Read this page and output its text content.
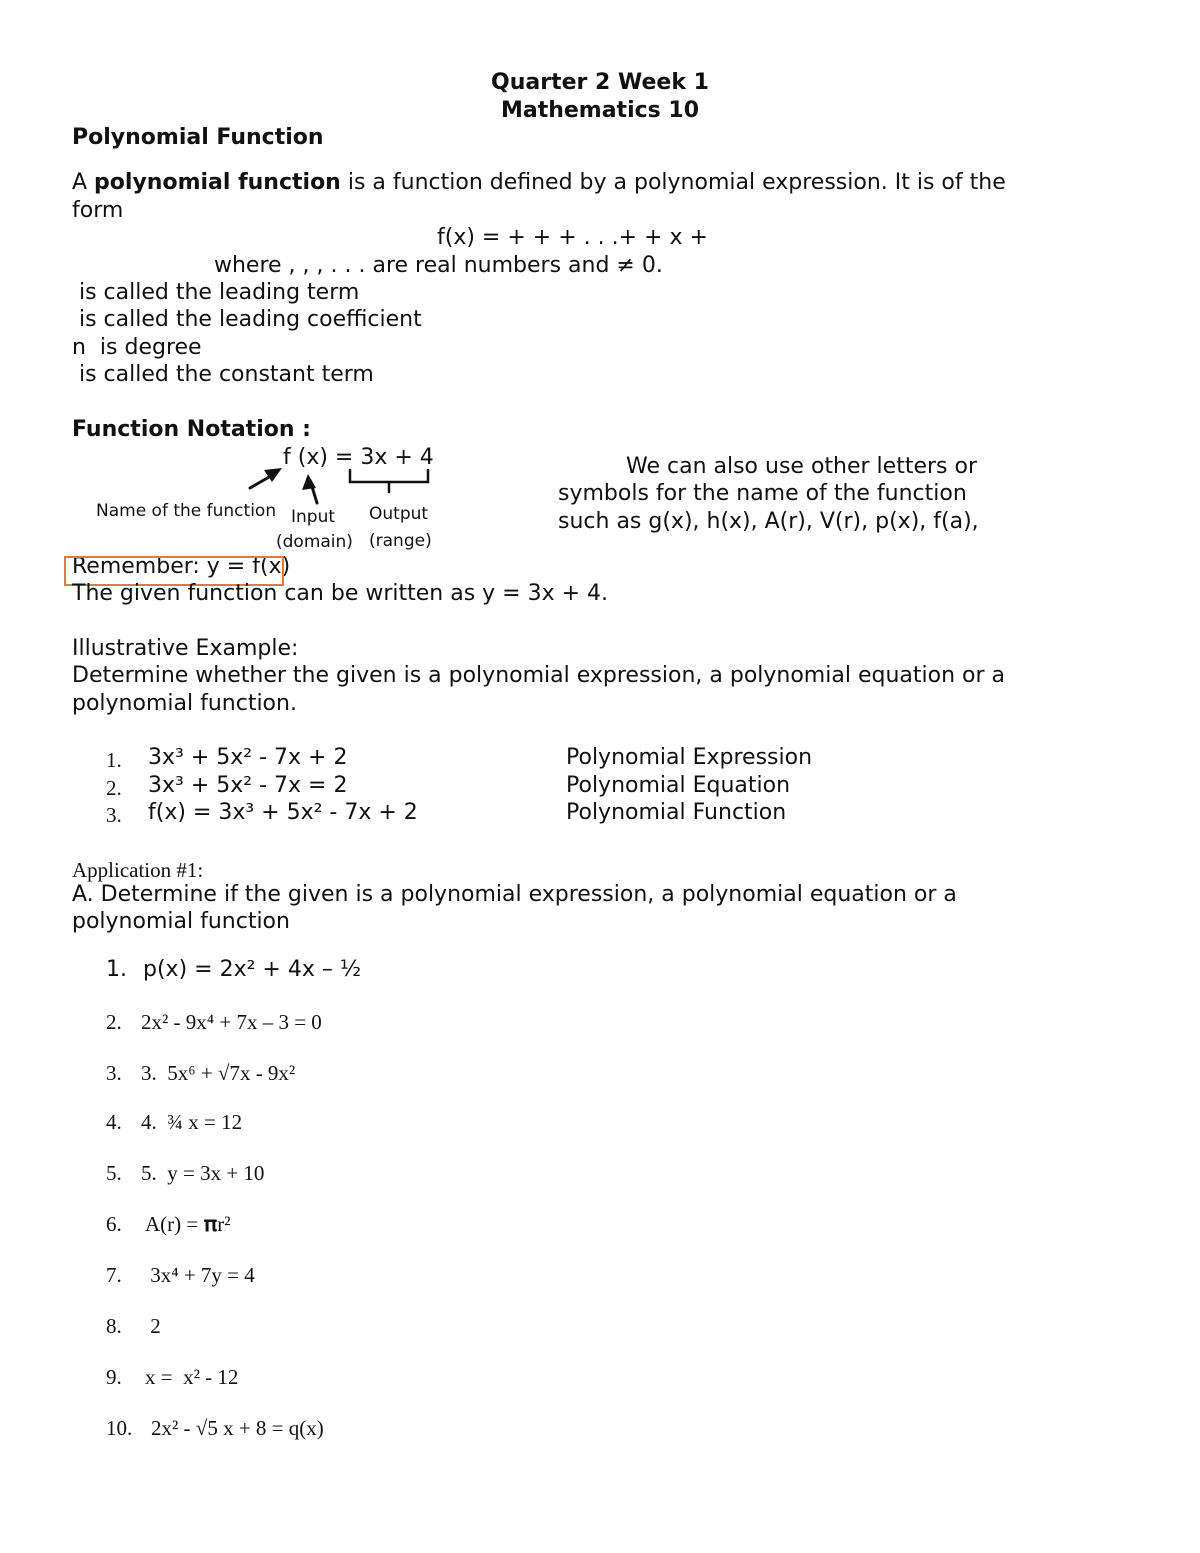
Quarter 2 Week 1
Mathematics 10
Polynomial Function
A polynomial function is a function defined by a polynomial expression. It is of the
form
f(x) = + + + . . .+ + x +
where , , , . . . are real numbers and ≠ 0.
is called the leading term
is called the leading coefficient
n  is degree
is called the constant term
Function Notation :
f (x) = 3x + 4
Name of the function Input
(domain)
Output
(range)
We can also use other letters or
symbols for the name of the function
such as g(x), h(x), A(r), V(r), p(x), f(a),
Remember: y = f(x)
The given function can be written as y = 3x + 4.
Illustrative Example:
Determine whether the given is a polynomial expression, a polynomial equation or a
polynomial function.
1. 3x³ + 5x² - 7x + 2	Polynomial Expression
2. 3x³ + 5x² - 7x = 2	Polynomial Equation
3. f(x) = 3x³ + 5x² - 7x + 2	Polynomial Function
Application #1:
A. Determine if the given is a polynomial expression, a polynomial equation or a
polynomial function
1. p(x) = 2x² + 4x – ½
2. 2x² - 9x⁴ + 7x – 3 = 0
3. 3.  5x⁶ + √7x - 9x²
4. 4.  ¾ x = 12
5. 5.  y = 3x + 10
6. A(r) = 𝛑r²
7. 3x⁴ + 7y = 4
8. 2
9. x =  x² - 12
10. 2x² - √5 x + 8 = q(x)
